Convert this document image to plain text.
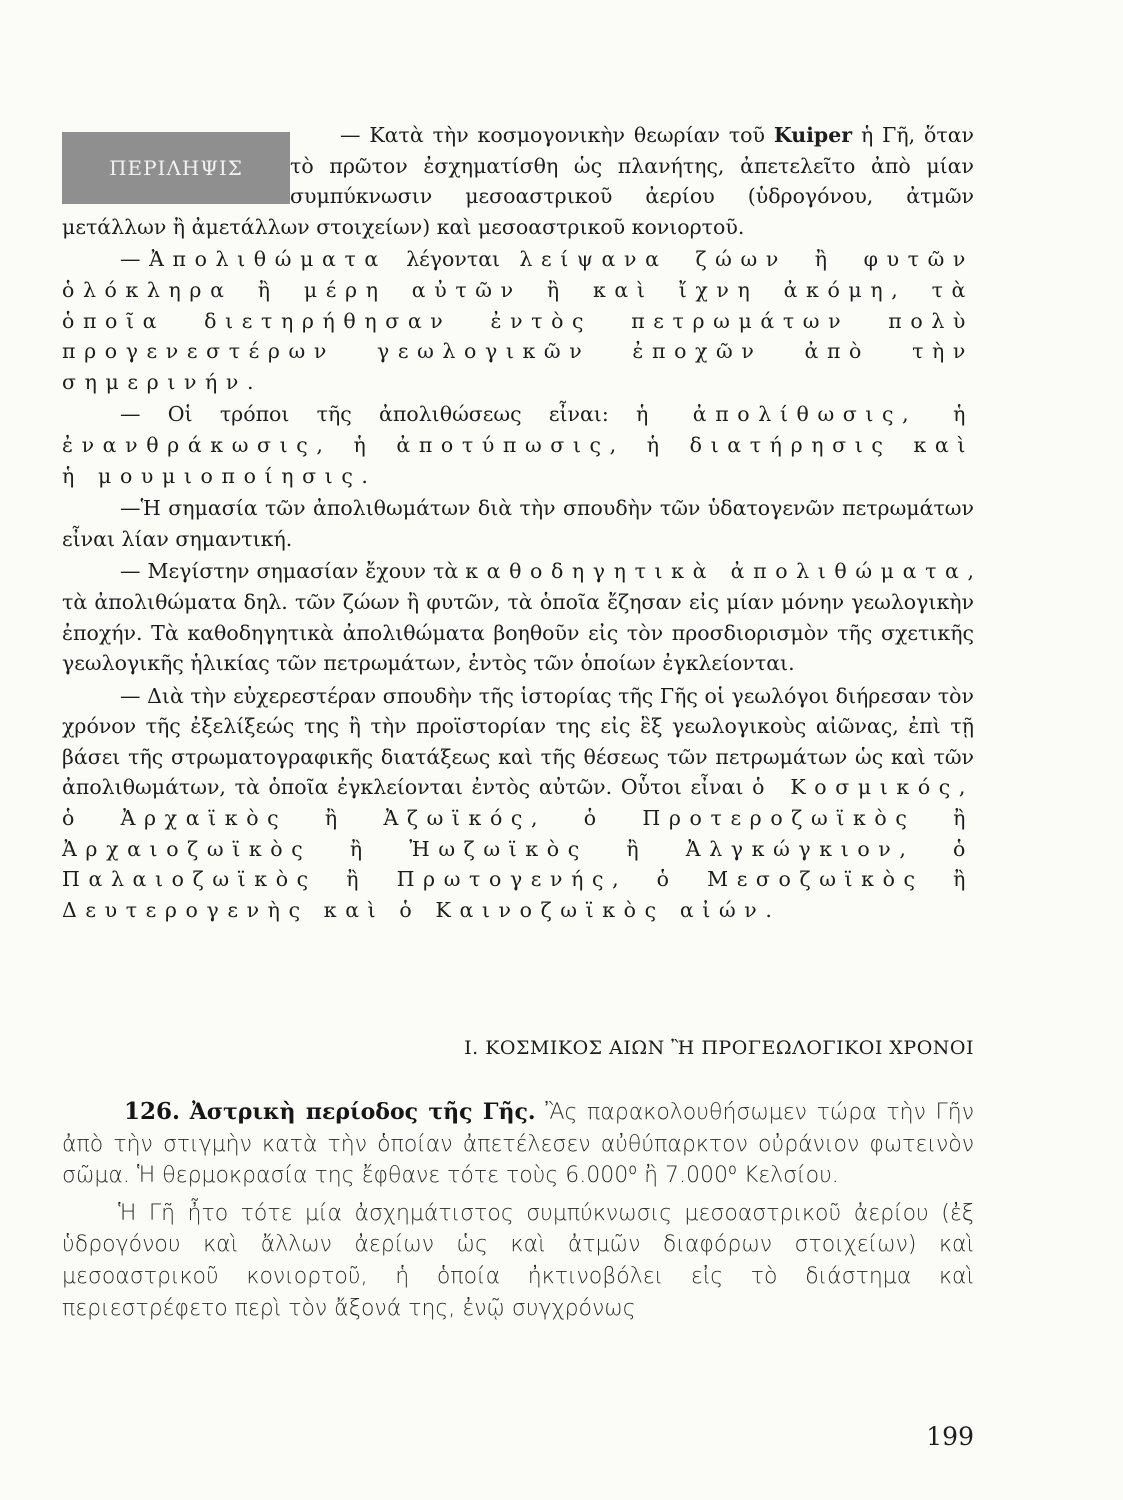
ΠΕΡΙΛΗΨΙΣ

— Κατὰ τὴν κοσμογονικὴν θεωρίαν τοῦ Kuiper ἡ Γῆ, ὅταν τὸ πρῶτον ἐσχηματίσθη ὡς πλανήτης, ἀπετελεῖτο ἀπὸ μίαν συμπύκνωσιν μεσοαστρικοῦ ἀερίου (ὑδρογόνου, ἀτμῶν μετάλλων ἢ ἀμετάλλων στοιχείων) καὶ μεσοαστρικοῦ κονιορτοῦ.

—Ἀπολιθώματα λέγονται λείψανα ζώων ἢ φυτῶν ὁλόκληρα ἢ μέρη αὐτῶν ἢ καὶ ἴχνη ἀκόμη, τὰ ὁποῖα διετηρήθησαν ἐντὸς πετρωμάτων πολὺ προγενεστέρων γεωλογικῶν ἐποχῶν ἀπὸ τὴν σημερινήν.

— Οἱ τρόποι τῆς ἀπολιθώσεως εἶναι: ἡ ἀπολίθωσις, ἡ ἐνανθράκωσις, ἡ ἀποτύπωσις, ἡ διατήρησις καὶ ἡ μουμιοποίησις.

—Ἡ σημασία τῶν ἀπολιθωμάτων διὰ τὴν σπουδὴν τῶν ὑδατογενῶν πετρωμάτων εἶναι λίαν σημαντική.

— Μεγίστην σημασίαν ἔχουν τὰ καθοδηγητικὰ ἀπολιθώματα, τὰ ἀπολιθώματα δηλ. τῶν ζώων ἢ φυτῶν, τὰ ὁποῖα ἔζησαν εἰς μίαν μόνην γεωλογικὴν ἐποχήν. Τὰ καθοδηγητικὰ ἀπολιθώματα βοηθοῦν εἰς τὸν προσδιορισμὸν τῆς σχετικῆς γεωλογικῆς ἡλικίας τῶν πετρωμάτων, ἐντὸς τῶν ὁποίων ἐγκλείονται.

— Διὰ τὴν εὐχερεστέραν σπουδὴν τῆς ἱστορίας τῆς Γῆς οἱ γεωλόγοι διήρεσαν τὸν χρόνον τῆς ἐξελίξεώς της ἢ τὴν προϊστορίαν της εἰς ἓξ γεωλογικοὺς αἰῶνας, ἐπὶ τῇ βάσει τῆς στρωματογραφικῆς διατάξεως καὶ τῆς θέσεως τῶν πετρωμάτων ὡς καὶ τῶν ἀπολιθωμάτων, τὰ ὁποῖα ἐγκλείονται ἐντὸς αὐτῶν. Οὗτοι εἶναι ὁ Κοσμικός, ὁ Ἀρχαϊκὸς ἢ Ἀζωϊκός, ὁ Προτεροζωϊκὸς ἢ Ἀρχαιοζωϊκὸς ἢ Ἠωζωϊκὸς ἢ Ἀλγκώγκιον, ὁ Παλαιοζωϊκὸς ἢ Πρωτογενής, ὁ Μεσοζωϊκὸς ἢ Δευτερογενὴς καὶ ὁ Καινοζωϊκὸς αἰών.

Ι. ΚΟΣΜΙΚΟΣ ΑΙΩΝ Ἢ ΠΡΟΓΕΩΛΟΓΙΚΟΙ ΧΡΟΝΟΙ

126. Ἀστρικὴ περίοδος τῆς Γῆς. Ἂς παρακολουθήσωμεν τώρα τὴν Γῆν ἀπὸ τὴν στιγμὴν κατὰ τὴν ὁποίαν ἀπετέλεσεν αὐθύπαρκτον οὐράνιον φωτεινὸν σῶμα. Ἡ θερμοκρασία της ἔφθανε τότε τοὺς 6.000⁰ ἢ 7.000⁰ Κελσίου.

Ἡ Γῆ ἦτο τότε μία ἀσχημάτιστος συμπύκνωσις μεσοαστρικοῦ ἀερίου (ἐξ ὑδρογόνου καὶ ἄλλων ἀερίων ὡς καὶ ἀτμῶν διαφόρων στοιχείων) καὶ μεσοαστρικοῦ κονιορτοῦ, ἡ ὁποία ἠκτινοβόλει εἰς τὸ διάστημα καὶ περιεστρέφετο περὶ τὸν ἄξονά της, ἐνῷ συγχρόνως

199
